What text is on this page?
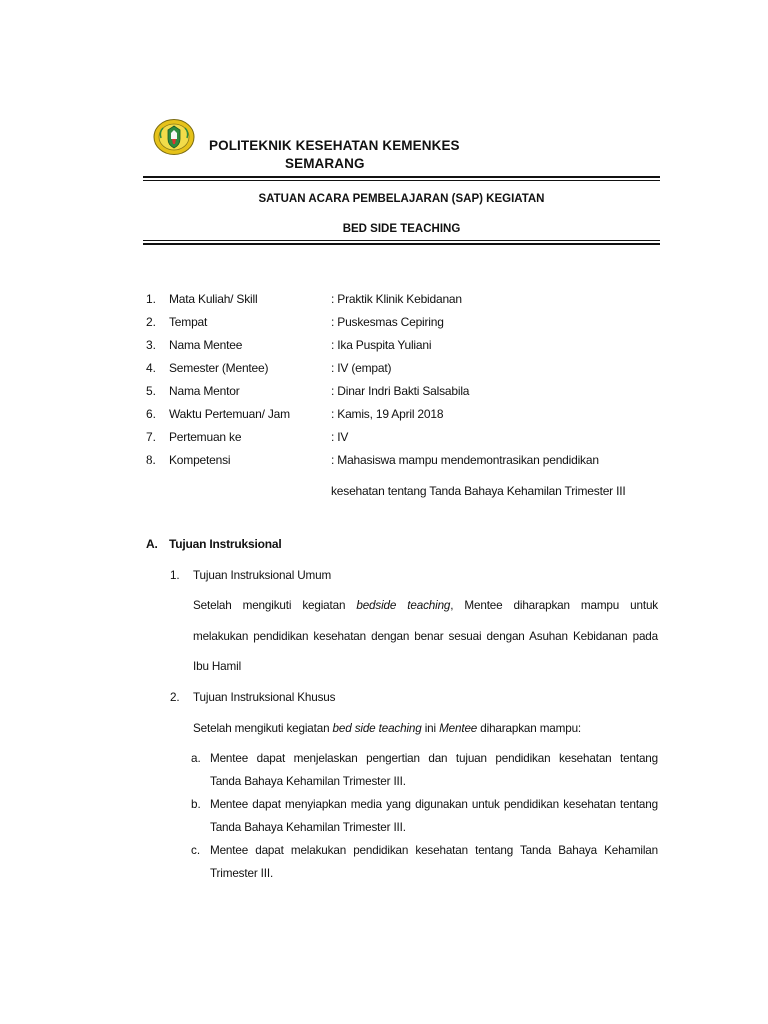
POLITEKNIK KESEHATAN KEMENKES
SEMARANG
SATUAN ACARA PEMBELAJARAN (SAP) KEGIATAN
BED SIDE TEACHING
1. Mata Kuliah/ Skill	: Praktik Klinik Kebidanan
2. Tempat	: Puskesmas Cepiring
3. Nama Mentee	: Ika Puspita Yuliani
4. Semester (Mentee)	: IV (empat)
5. Nama Mentor	: Dinar Indri Bakti Salsabila
6. Waktu Pertemuan/ Jam	: Kamis, 19 April 2018
7. Pertemuan ke	: IV
8. Kompetensi	: Mahasiswa mampu mendemontrasikan pendidikan
kesehatan tentang Tanda Bahaya Kehamilan Trimester III
A. Tujuan Instruksional
1. Tujuan Instruksional Umum
Setelah mengikuti kegiatan bedside teaching, Mentee diharapkan mampu untuk
melakukan pendidikan kesehatan dengan benar sesuai dengan Asuhan Kebidanan pada
Ibu Hamil
2. Tujuan Instruksional Khusus
Setelah mengikuti kegiatan bed side teaching ini Mentee diharapkan mampu:
a. Mentee dapat menjelaskan pengertian dan tujuan pendidikan kesehatan tentang
Tanda Bahaya Kehamilan Trimester III.
b. Mentee dapat menyiapkan media yang digunakan untuk pendidikan kesehatan tentang
Tanda Bahaya Kehamilan Trimester III.
c. Mentee dapat melakukan pendidikan kesehatan tentang Tanda Bahaya Kehamilan
Trimester III.
